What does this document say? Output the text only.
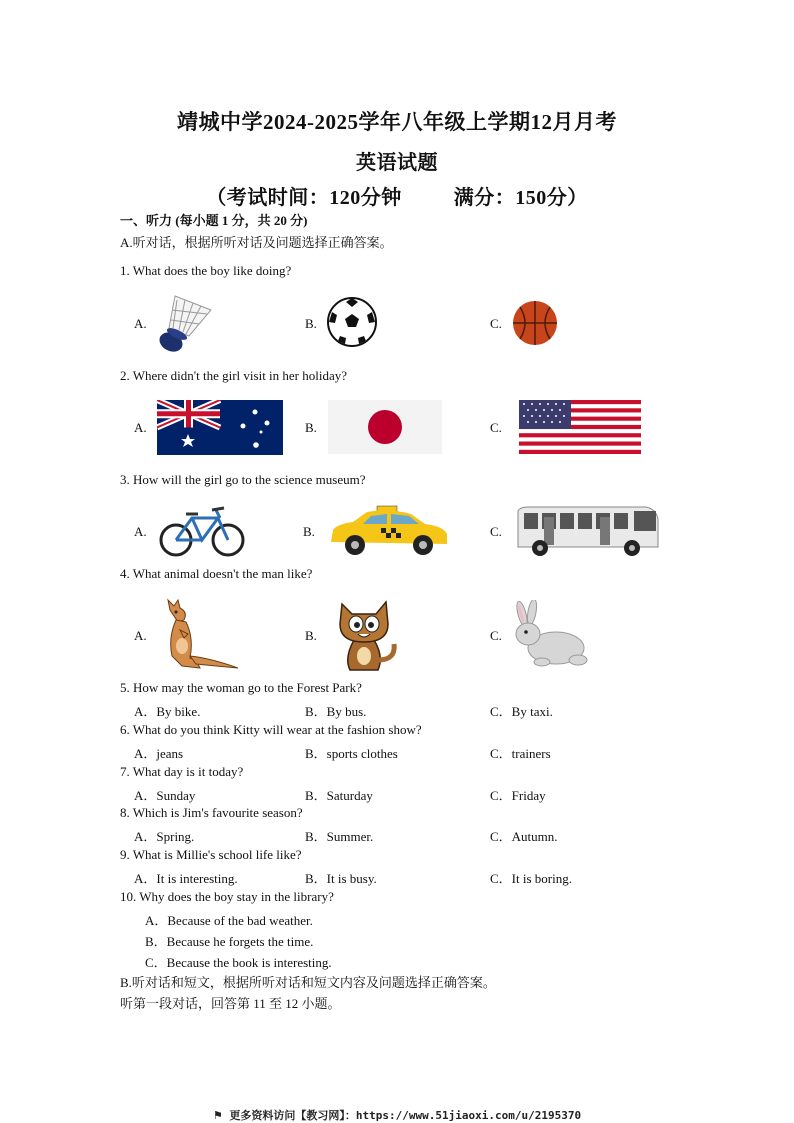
靖城中学2024-2025学年八年级上学期12月月考
英语试题
（考试时间：120分钟	满分：150分）
一、听力 (每小题 1 分，共 20 分)
A.听对话，根据所听对话及问题选择正确答案。
1. What does the boy like doing?
A.	B.	C.
2. Where didn't the girl visit in her holiday?
A.	B.	C.
3. How will the girl go to the science museum?
A.	B.	C.
4. What animal doesn't the man like?
A.	B.	C.
5. How may the woman go to the Forest Park?
A．By bike.	B．By bus.	C．By taxi.
6. What do you think Kitty will wear at the fashion show?
A．jeans	B．sports clothes	C．trainers
7. What day is it today?
A．Sunday	B．Saturday	C．Friday
8. Which is Jim's favourite season?
A．Spring.	B．Summer.	C．Autumn.
9. What is Millie's school life like?
A．It is interesting.	B．It is busy.	C．It is boring.
10. Why does the boy stay in the library?
A．Because of the bad weather.
B．Because he forgets the time.
C．Because the book is interesting.
B.听对话和短文，根据所听对话和短文内容及问题选择正确答案。
听第一段对话，回答第 11 至 12 小题。
⚑ 更多资料访问【教习网】：https://www.51jiaoxi.com/u/2195370
